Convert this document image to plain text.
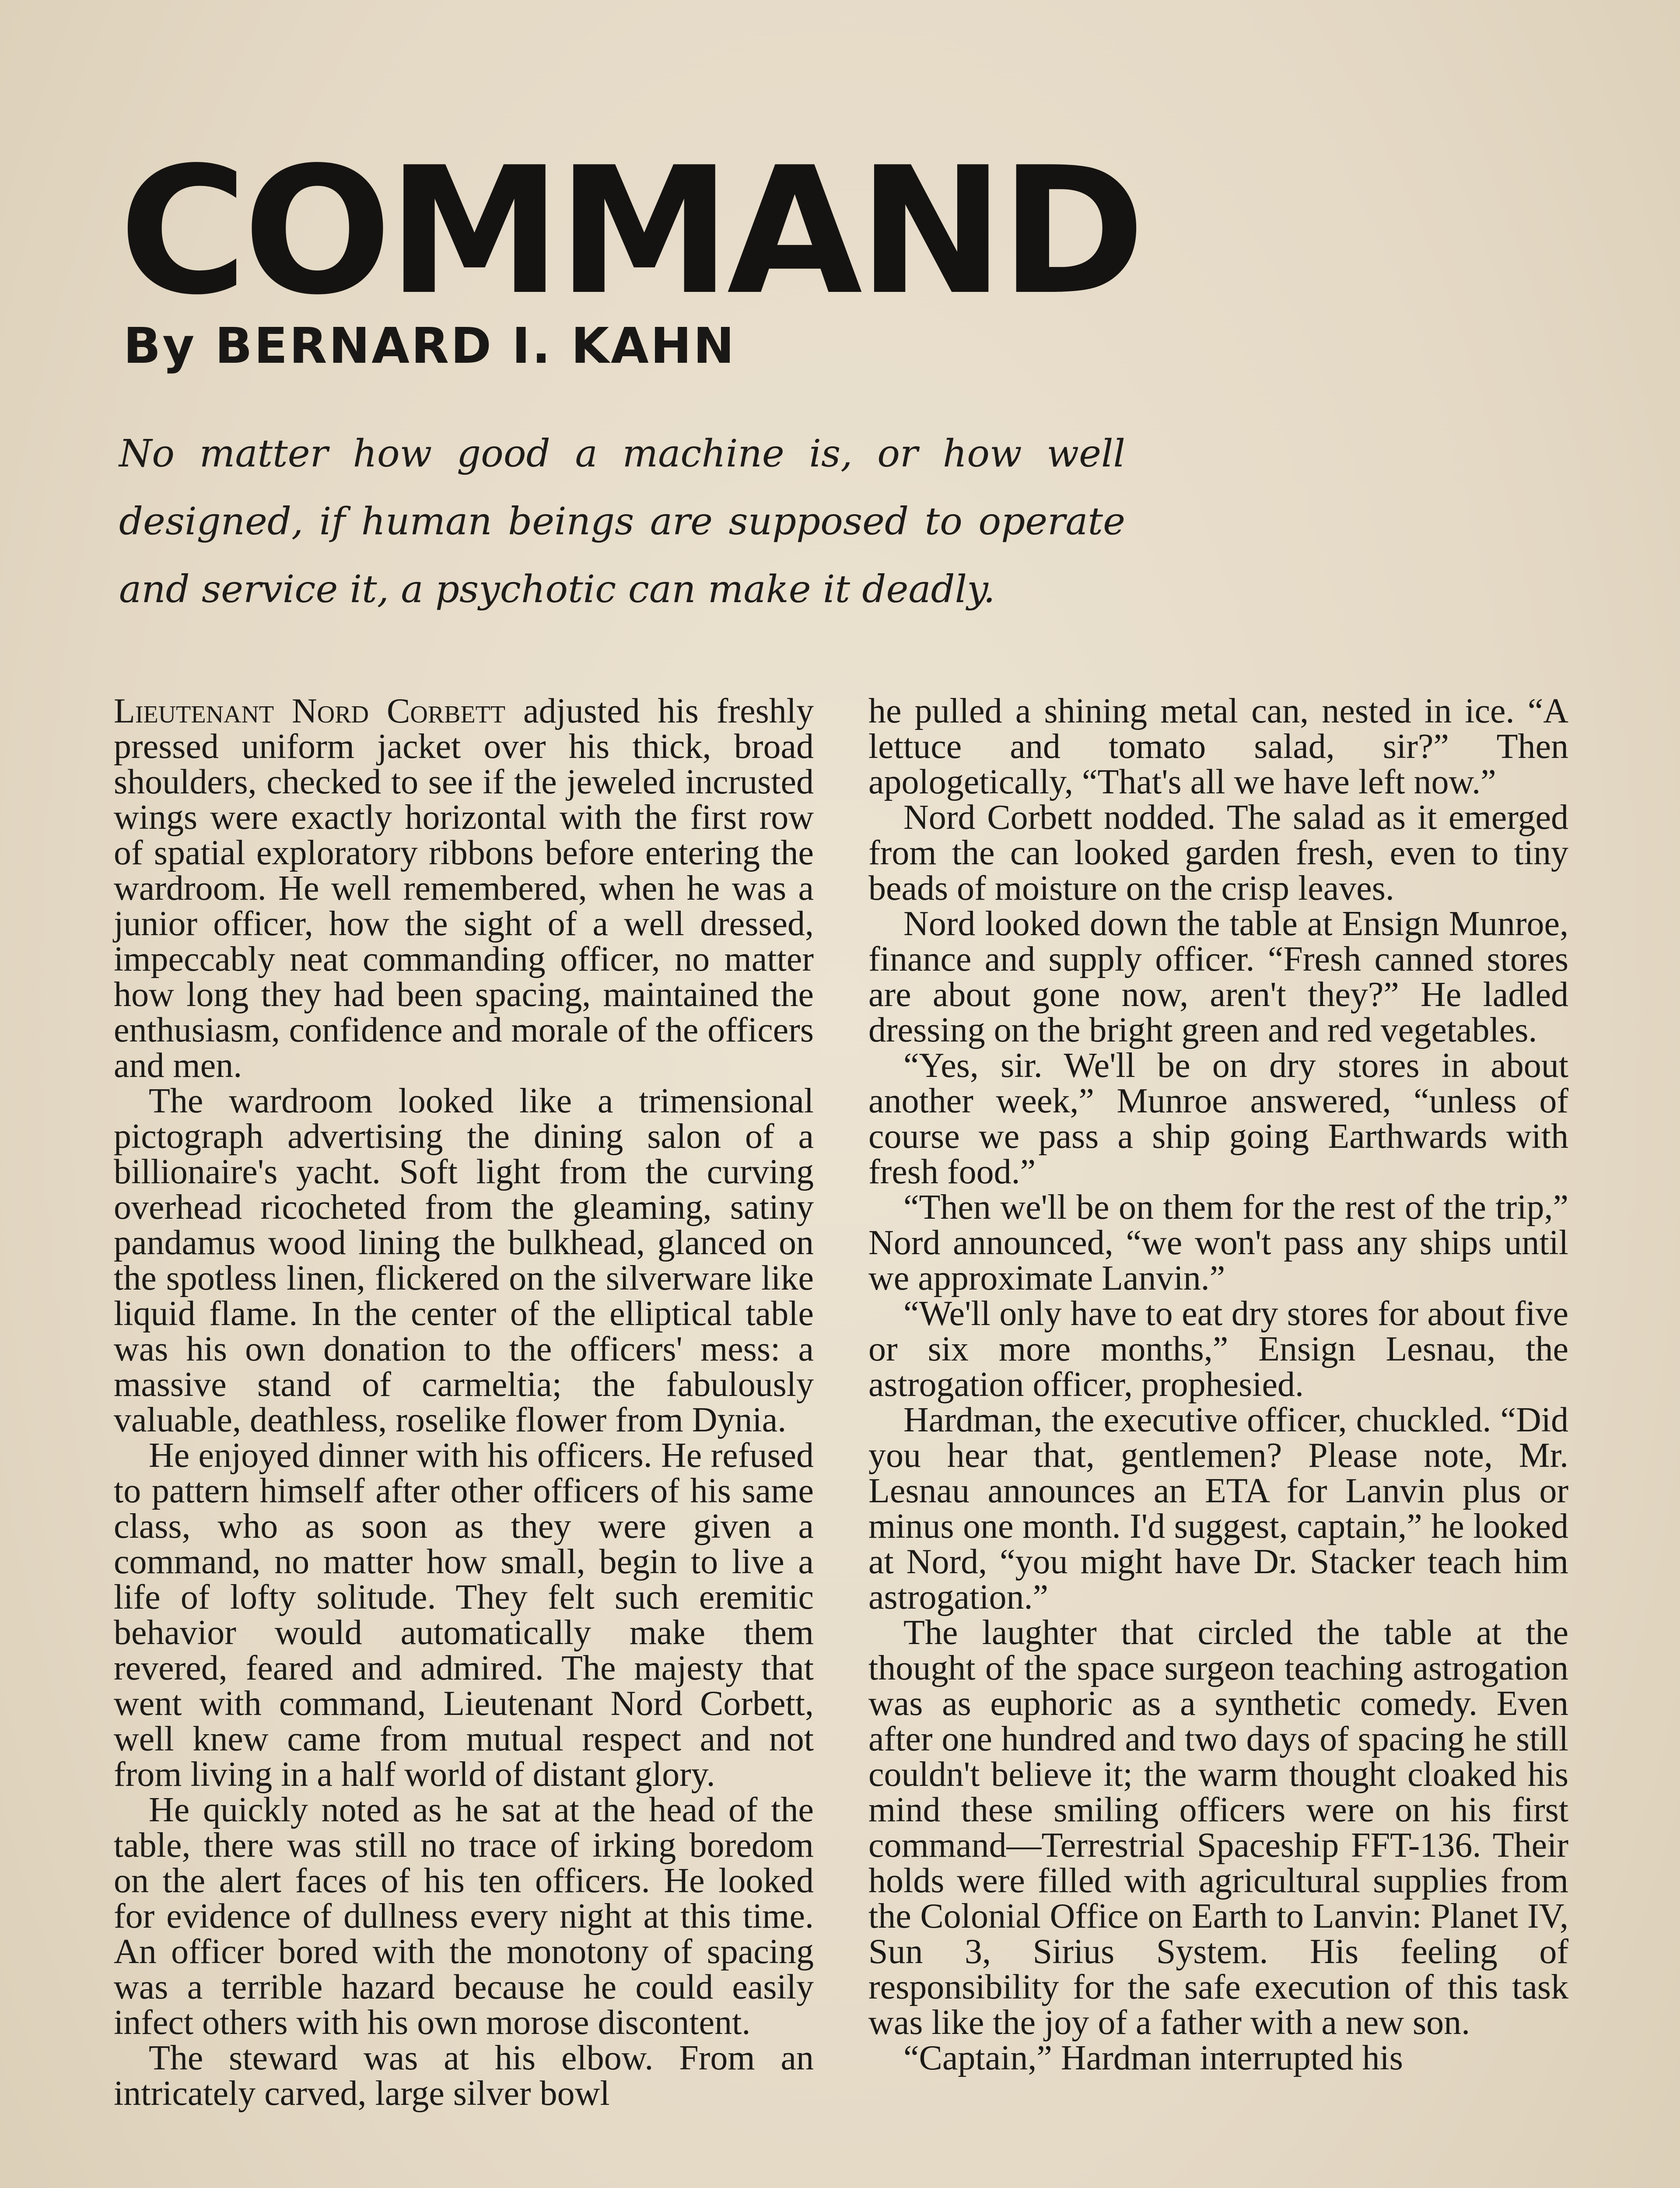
COMMAND
By BERNARD I. KAHN

No matter how good a machine is, or how well designed, if human beings are supposed to operate and service it, a psychotic can make it deadly.

Lieutenant Nord Corbett adjusted his freshly pressed uniform jacket over his thick, broad shoulders, checked to see if the jeweled incrusted wings were exactly horizontal with the first row of spatial exploratory ribbons before entering the wardroom. He well remembered, when he was a junior officer, how the sight of a well dressed, impeccably neat commanding officer, no matter how long they had been spacing, maintained the enthusiasm, confidence and morale of the officers and men.

The wardroom looked like a trimensional pictograph advertising the dining salon of a billionaire's yacht. Soft light from the curving overhead ricocheted from the gleaming, satiny pandamus wood lining the bulkhead, glanced on the spotless linen, flickered on the silverware like liquid flame. In the center of the elliptical table was his own donation to the officers' mess: a massive stand of carmeltia; the fabulously valuable, deathless, roselike flower from Dynia.

He enjoyed dinner with his officers. He refused to pattern himself after other officers of his same class, who as soon as they were given a command, no matter how small, begin to live a life of lofty solitude. They felt such eremitic behavior would automatically make them revered, feared and admired. The majesty that went with command, Lieutenant Nord Corbett, well knew came from mutual respect and not from living in a half world of distant glory.

He quickly noted as he sat at the head of the table, there was still no trace of irking boredom on the alert faces of his ten officers. He looked for evidence of dullness every night at this time. An officer bored with the monotony of spacing was a terrible hazard because he could easily infect others with his own morose discontent.

The steward was at his elbow. From an intricately carved, large silver bowl

he pulled a shining metal can, nested in ice. “A lettuce and tomato salad, sir?” Then apologetically, “That's all we have left now.”

Nord Corbett nodded. The salad as it emerged from the can looked garden fresh, even to tiny beads of moisture on the crisp leaves.

Nord looked down the table at Ensign Munroe, finance and supply officer. “Fresh canned stores are about gone now, aren't they?” He ladled dressing on the bright green and red vegetables.

“Yes, sir. We'll be on dry stores in about another week,” Munroe answered, “unless of course we pass a ship going Earthwards with fresh food.”

“Then we'll be on them for the rest of the trip,” Nord announced, “we won't pass any ships until we approximate Lanvin.”

“We'll only have to eat dry stores for about five or six more months,” Ensign Lesnau, the astrogation officer, prophesied.

Hardman, the executive officer, chuckled. “Did you hear that, gentlemen? Please note, Mr. Lesnau announces an ETA for Lanvin plus or minus one month. I'd suggest, captain,” he looked at Nord, “you might have Dr. Stacker teach him astrogation.”

The laughter that circled the table at the thought of the space surgeon teaching astrogation was as euphoric as a synthetic comedy. Even after one hundred and two days of spacing he still couldn't believe it; the warm thought cloaked his mind these smiling officers were on his first command—Terrestrial Spaceship FFT-136. Their holds were filled with agricultural supplies from the Colonial Office on Earth to Lanvin: Planet IV, Sun 3, Sirius System. His feeling of responsibility for the safe execution of this task was like the joy of a father with a new son.

“Captain,” Hardman interrupted his
